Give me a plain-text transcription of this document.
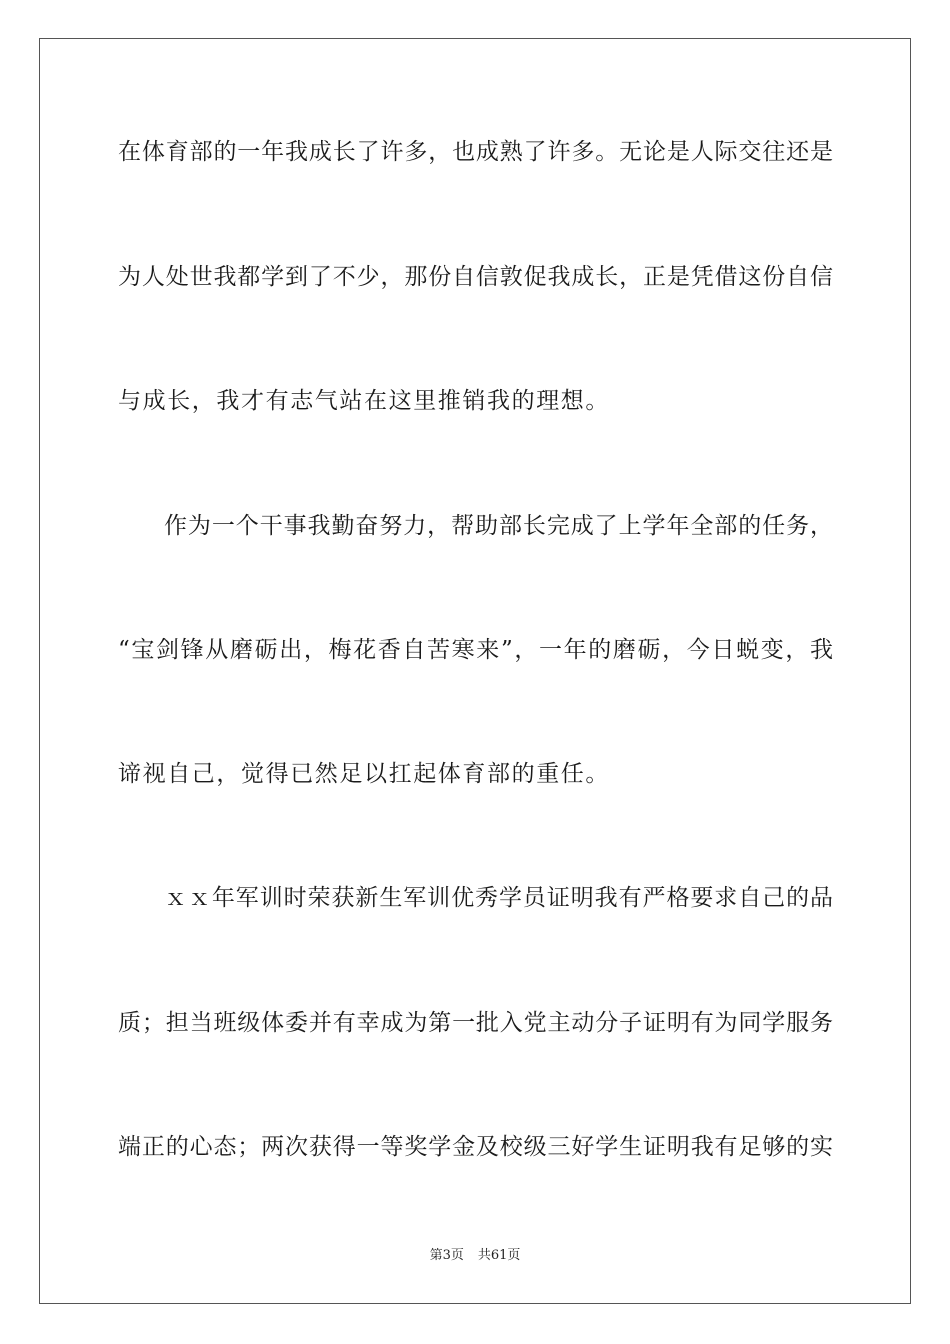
在体育部的一年我成长了许多，也成熟了许多。无论是人际交往还是
为人处世我都学到了不少，那份自信敦促我成长，正是凭借这份自信
与成长，我才有志气站在这里推销我的理想。
作为一个干事我勤奋努力，帮助部长完成了上学年全部的任务，
“宝剑锋从磨砺出，梅花香自苦寒来”，一年的磨砺，今日蜕变，我
谛视自己，觉得已然足以扛起体育部的重任。
ｘｘ年军训时荣获新生军训优秀学员证明我有严格要求自己的品
质；担当班级体委并有幸成为第一批入党主动分子证明有为同学服务
端正的心态；两次获得一等奖学金及校级三好学生证明我有足够的实
第3页 共61页
